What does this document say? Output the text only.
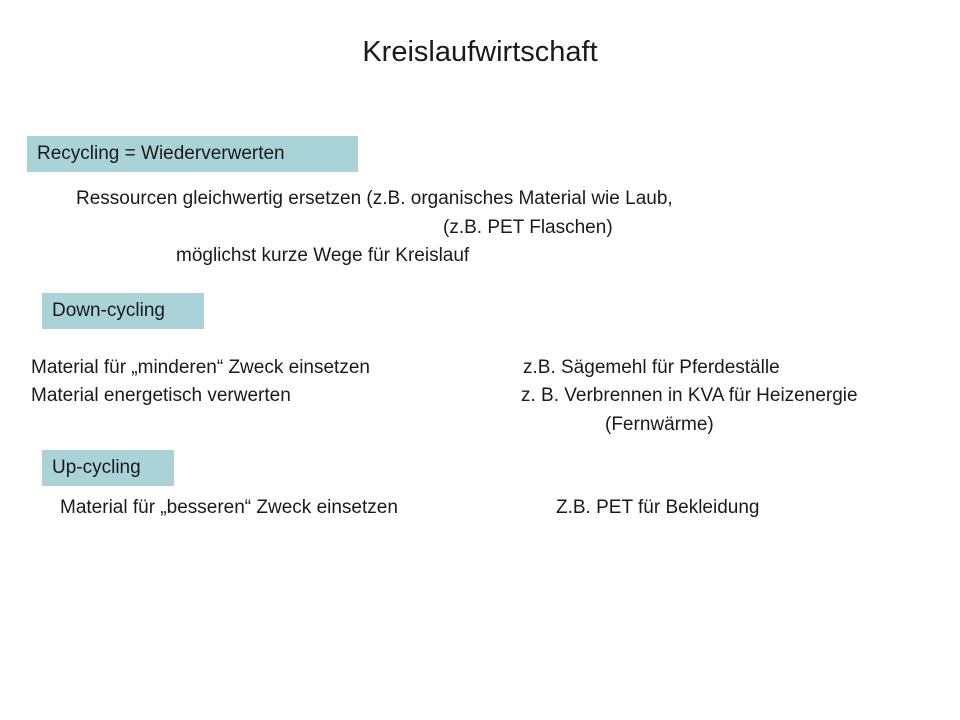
Kreislaufwirtschaft
Recycling = Wiederverwerten
Ressourcen gleichwertig ersetzen (z.B. organisches Material wie Laub,
(z.B. PET Flaschen)
möglichst kurze Wege für Kreislauf
Down-cycling
Material für „minderen“ Zweck einsetzen	z.B. Sägemehl für Pferdeställe
Material energetisch verwerten	z. B. Verbrennen in KVA für Heizenergie
(Fernwärme)
Up-cycling
Material für „besseren“ Zweck einsetzen	Z.B. PET für Bekleidung
